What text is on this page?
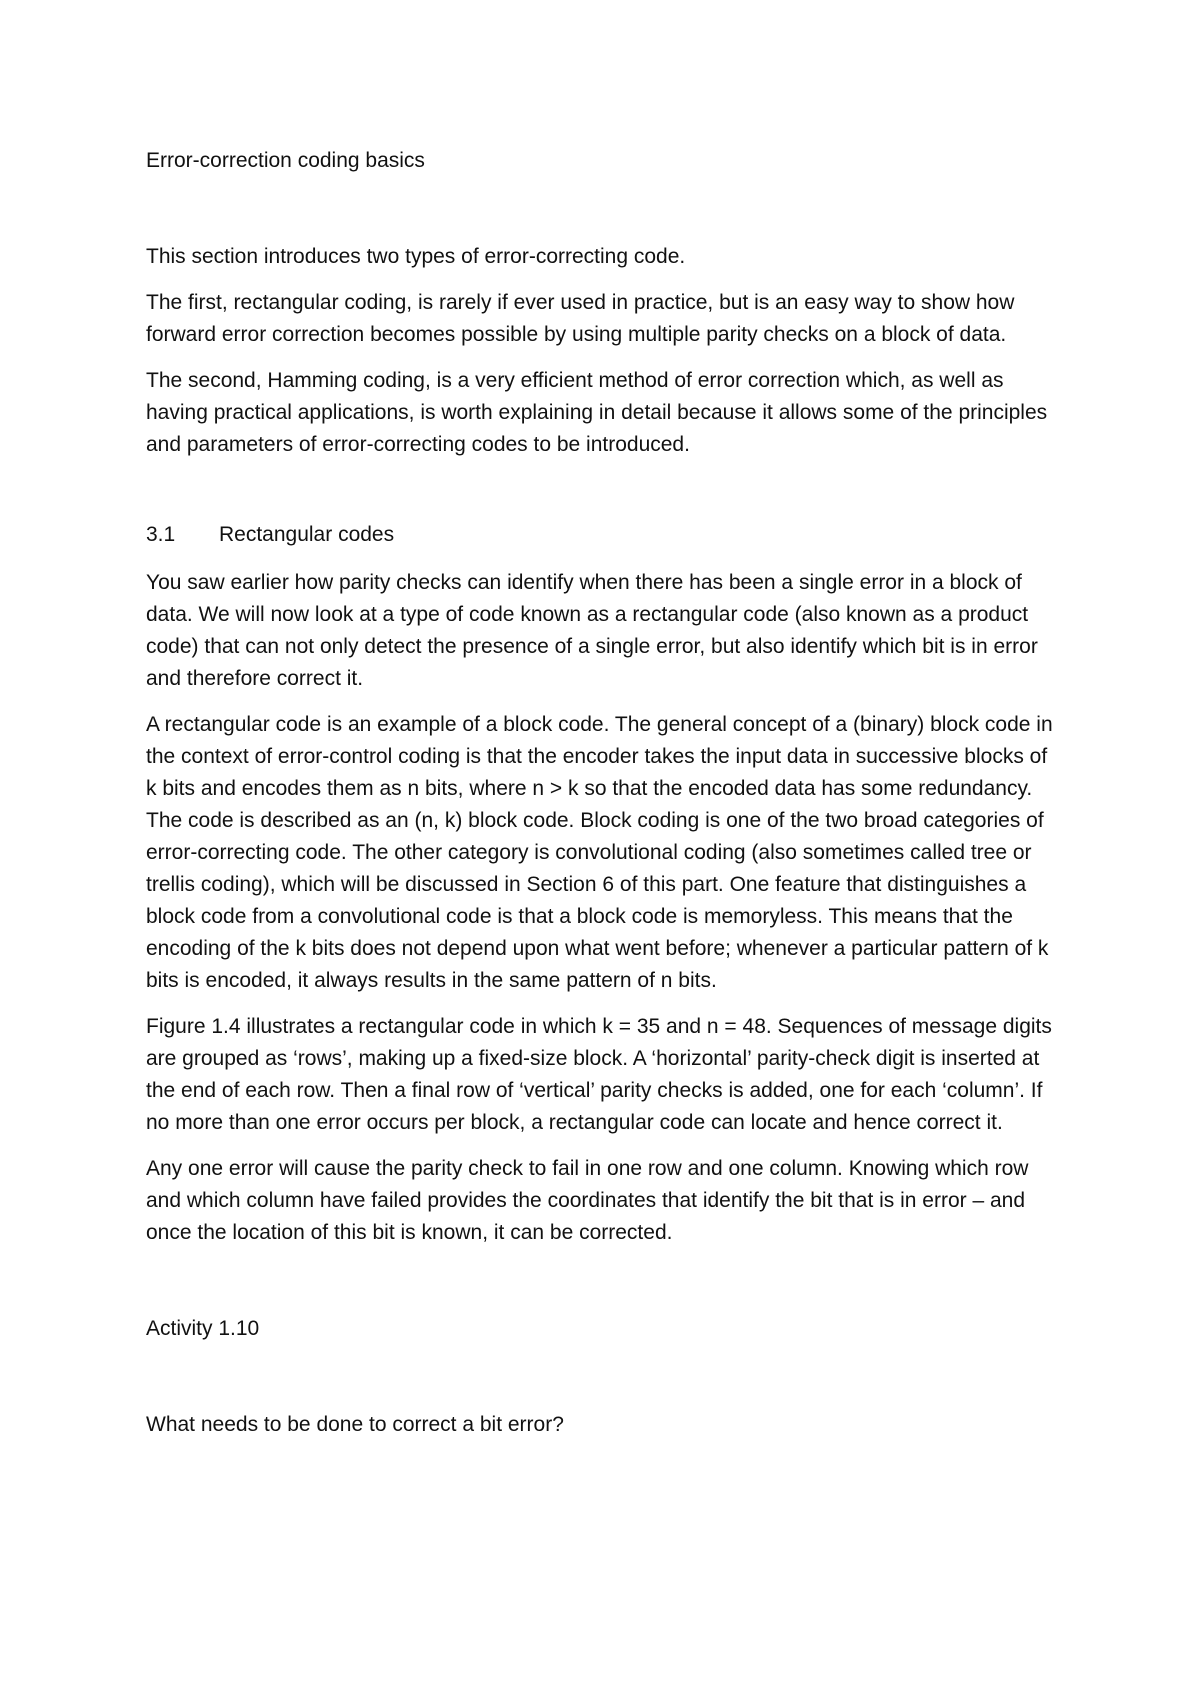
Error-correction coding basics

This section introduces two types of error-correcting code.

The first, rectangular coding, is rarely if ever used in practice, but is an easy way to show how forward error correction becomes possible by using multiple parity checks on a block of data.

The second, Hamming coding, is a very efficient method of error correction which, as well as having practical applications, is worth explaining in detail because it allows some of the principles and parameters of error-correcting codes to be introduced.

3.1	Rectangular codes

You saw earlier how parity checks can identify when there has been a single error in a block of data. We will now look at a type of code known as a rectangular code (also known as a product code) that can not only detect the presence of a single error, but also identify which bit is in error and therefore correct it.

A rectangular code is an example of a block code. The general concept of a (binary) block code in the context of error-control coding is that the encoder takes the input data in successive blocks of k bits and encodes them as n bits, where n > k so that the encoded data has some redundancy. The code is described as an (n, k) block code. Block coding is one of the two broad categories of error-correcting code. The other category is convolutional coding (also sometimes called tree or trellis coding), which will be discussed in Section 6 of this part. One feature that distinguishes a block code from a convolutional code is that a block code is memoryless. This means that the encoding of the k bits does not depend upon what went before; whenever a particular pattern of k bits is encoded, it always results in the same pattern of n bits.

Figure 1.4 illustrates a rectangular code in which k = 35 and n = 48. Sequences of message digits are grouped as ‘rows’, making up a fixed-size block. A ‘horizontal’ parity-check digit is inserted at the end of each row. Then a final row of ‘vertical’ parity checks is added, one for each ‘column’. If no more than one error occurs per block, a rectangular code can locate and hence correct it.

Any one error will cause the parity check to fail in one row and one column. Knowing which row and which column have failed provides the coordinates that identify the bit that is in error – and once the location of this bit is known, it can be corrected.

Activity 1.10

What needs to be done to correct a bit error?
